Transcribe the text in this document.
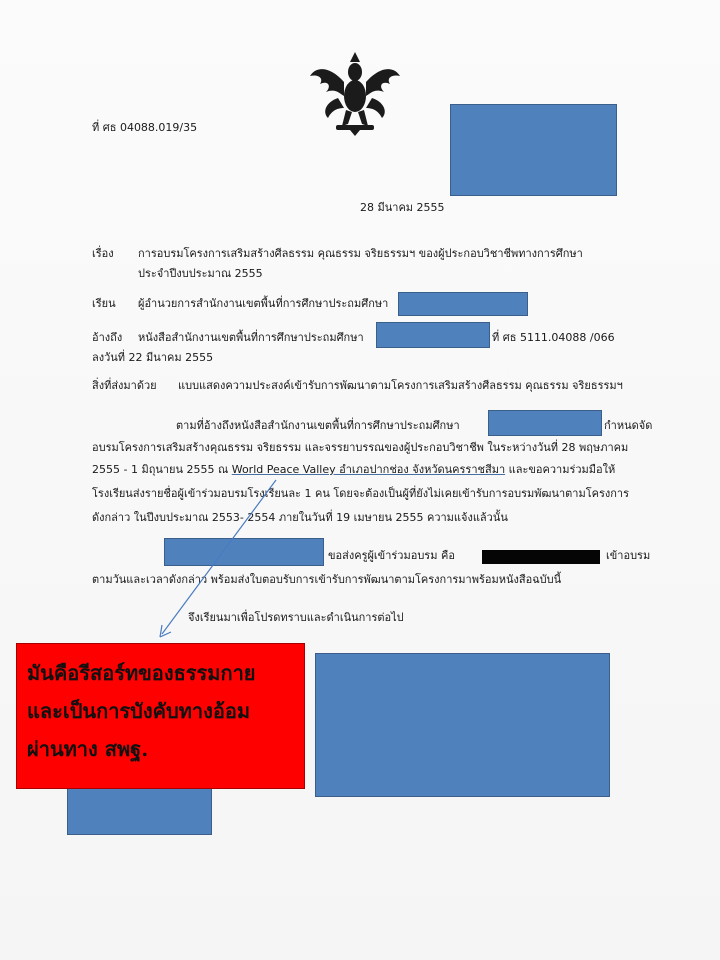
ที่ ศธ 04088.019/35
28 มีนาคม 2555
เรื่อง การอบรมโครงการเสริมสร้างศีลธรรม คุณธรรม จริยธรรมฯ ของผู้ประกอบวิชาชีพทางการศึกษา
ประจำปีงบประมาณ 2555
เรียน ผู้อำนวยการสำนักงานเขตพื้นที่การศึกษาประถมศึกษา
อ้างถึง หนังสือสำนักงานเขตพื้นที่การศึกษาประถมศึกษา	ที่ ศธ 5111.04088 /066
ลงวันที่ 22 มีนาคม 2555
สิ่งที่ส่งมาด้วย แบบแสดงความประสงค์เข้ารับการพัฒนาตามโครงการเสริมสร้างศีลธรรม คุณธรรม จริยธรรมฯ
ตามที่อ้างถึงหนังสือสำนักงานเขตพื้นที่การศึกษาประถมศึกษา	กำหนดจัด
อบรมโครงการเสริมสร้างคุณธรรม จริยธรรม และจรรยาบรรณของผู้ประกอบวิชาชีพ ในระหว่างวันที่ 28 พฤษภาคม
2555 - 1 มิถุนายน 2555 ณ World Peace Valley อำเภอปากช่อง จังหวัดนครราชสีมา และขอความร่วมมือให้
โรงเรียนส่งรายชื่อผู้เข้าร่วมอบรมโรงเรียนละ 1 คน โดยจะต้องเป็นผู้ที่ยังไม่เคยเข้ารับการอบรมพัฒนาตามโครงการ
ดังกล่าว ในปีงบประมาณ 2553- 2554 ภายในวันที่ 19 เมษายน 2555 ความแจ้งแล้วนั้น
ขอส่งครูผู้เข้าร่วมอบรม คือ	เข้าอบรม
ตามวันและเวลาดังกล่าว พร้อมส่งใบตอบรับการเข้ารับการพัฒนาตามโครงการมาพร้อมหนังสือฉบับนี้
จึงเรียนมาเพื่อโปรดทราบและดำเนินการต่อไป
มันคือรีสอร์ทของธรรมกาย
และเป็นการบังคับทางอ้อม
ผ่านทาง สพฐ.
